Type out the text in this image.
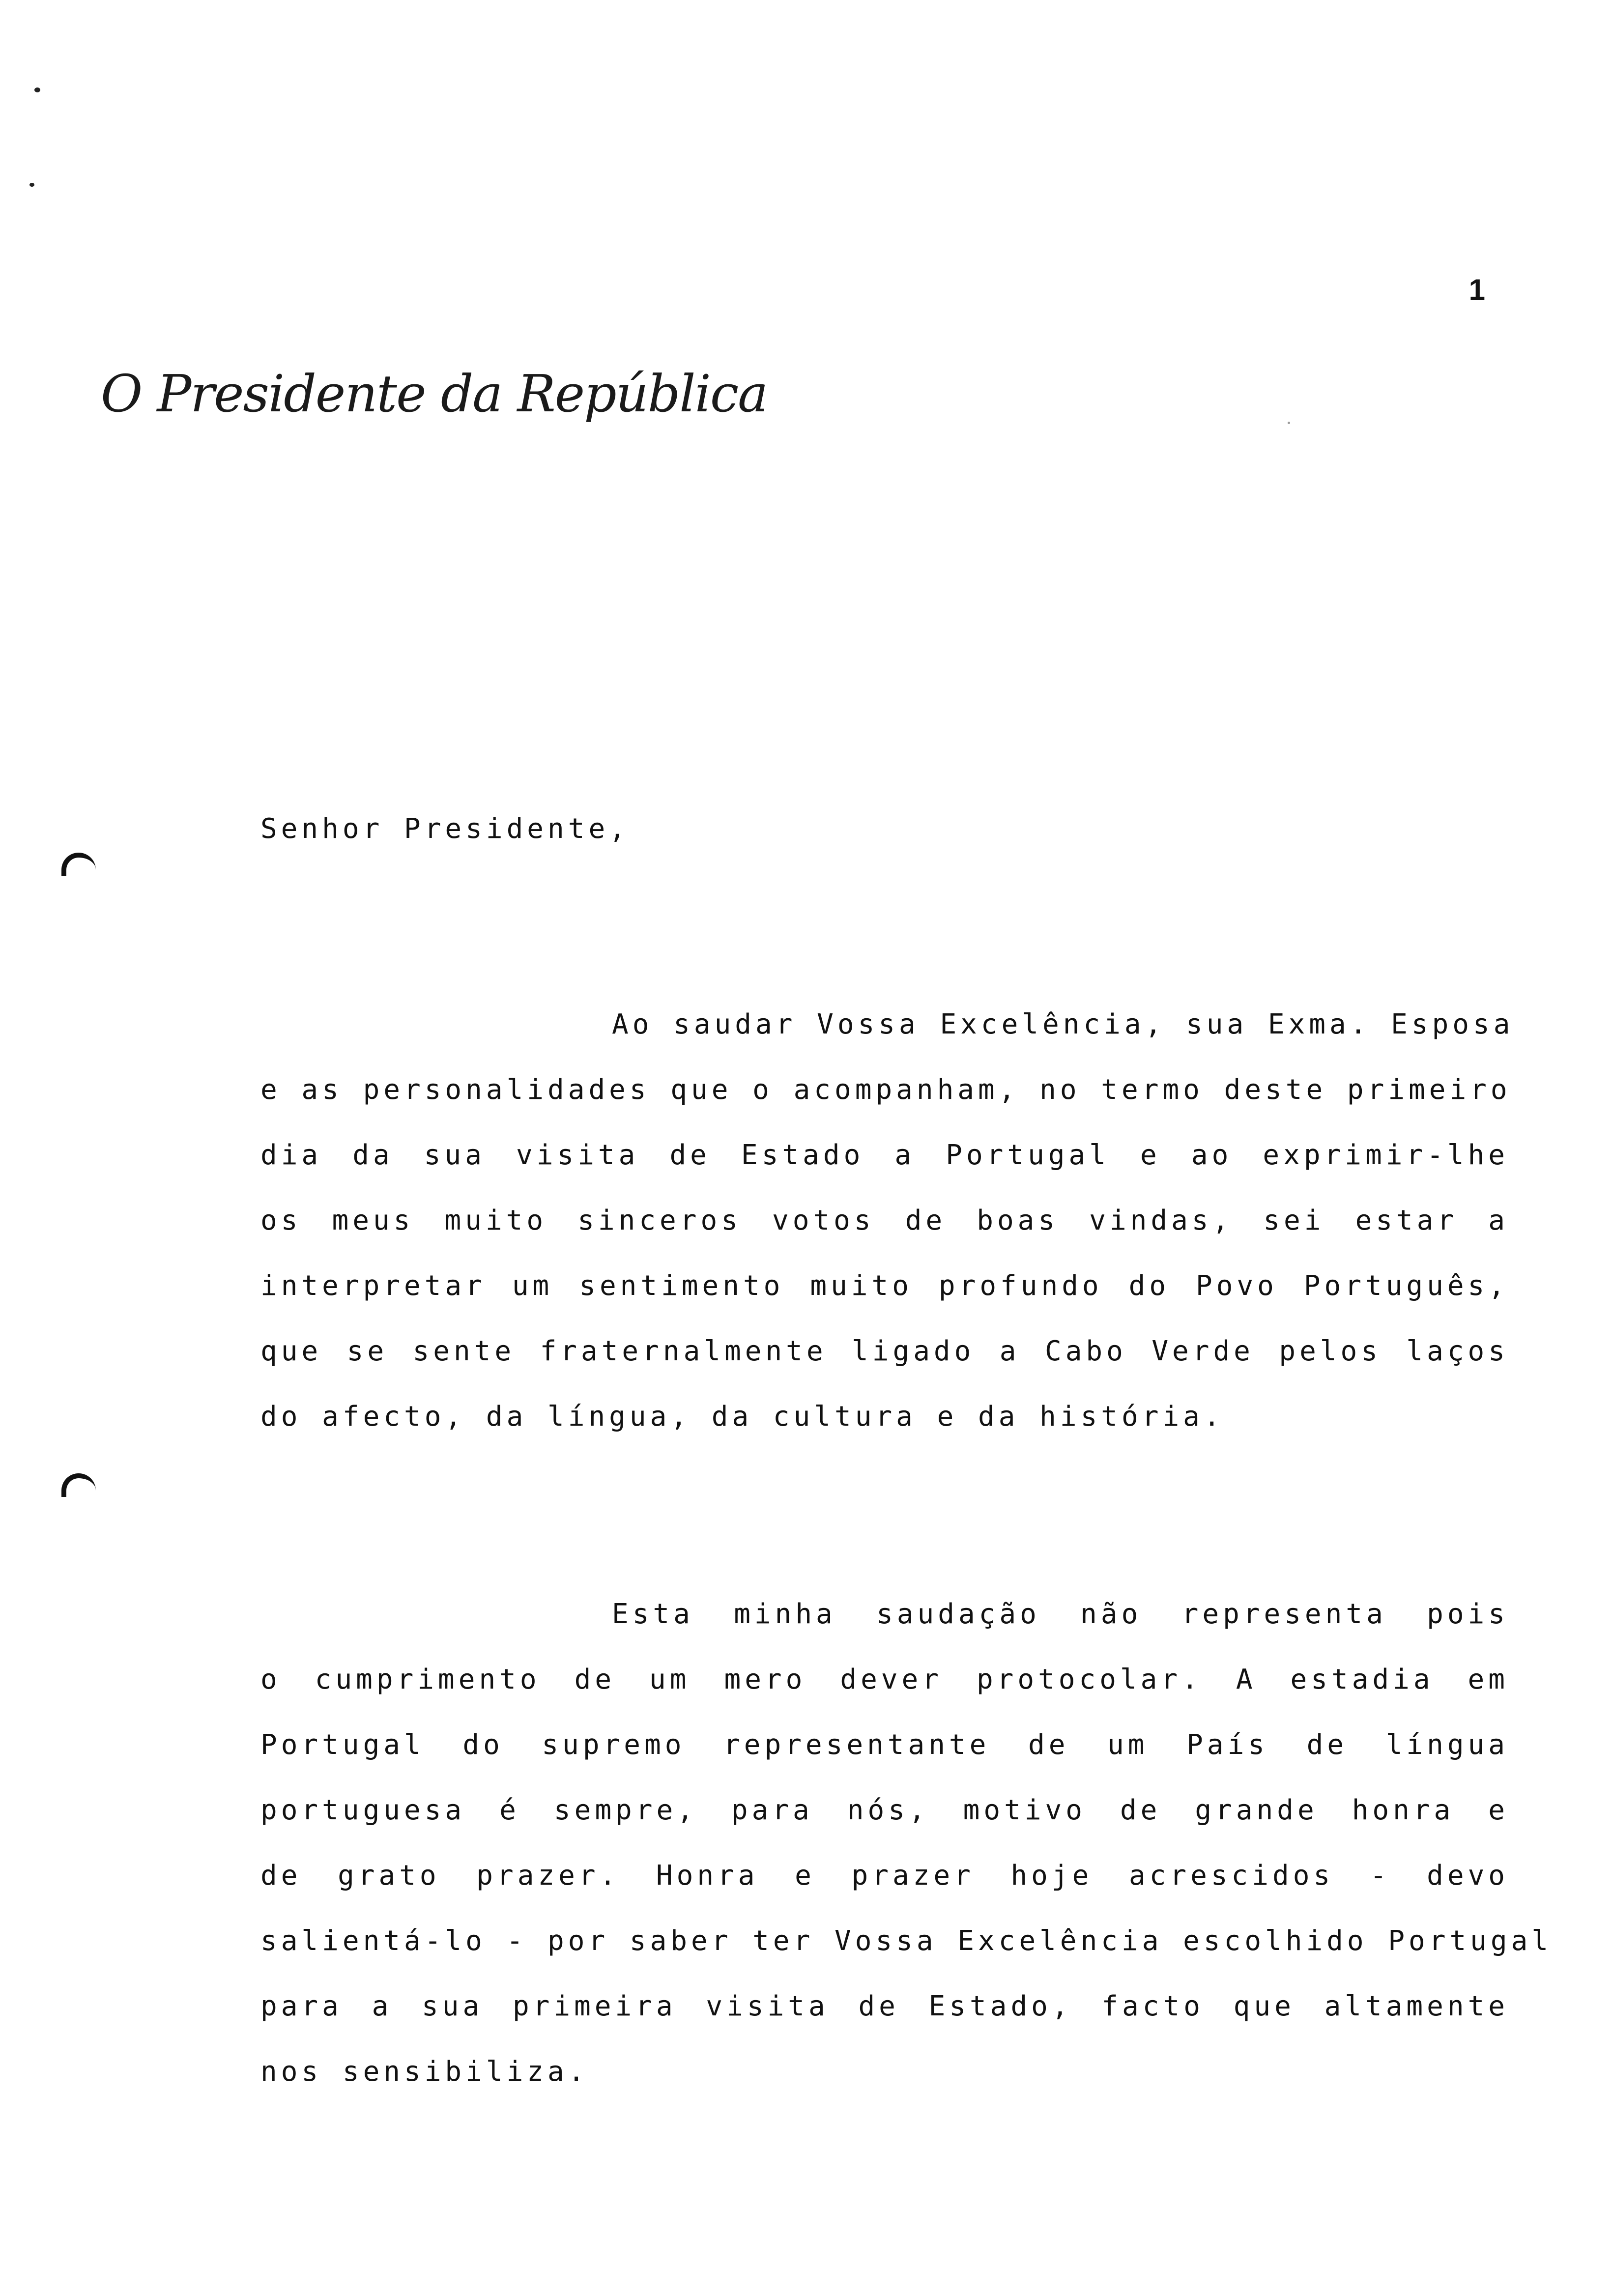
1
O Presidente da República
Senhor Presidente,
Ao saudar Vossa Excelência, sua Exma. Esposa
e as personalidades que o acompanham, no termo deste primeiro
dia da sua visita de Estado a Portugal e ao exprimir-lhe
os meus muito sinceros votos de boas vindas, sei estar a
interpretar um sentimento muito profundo do Povo Português,
que se sente fraternalmente ligado a Cabo Verde pelos laços
do afecto, da língua, da cultura e da história.
Esta minha saudação não representa pois
o cumprimento de um mero dever protocolar. A estadia em
Portugal do supremo representante de um País de língua
portuguesa é sempre, para nós, motivo de grande honra e
de grato prazer. Honra e prazer hoje acrescidos - devo
salientá-lo - por saber ter Vossa Excelência escolhido Portugal
para a sua primeira visita de Estado, facto que altamente
nos sensibiliza.
